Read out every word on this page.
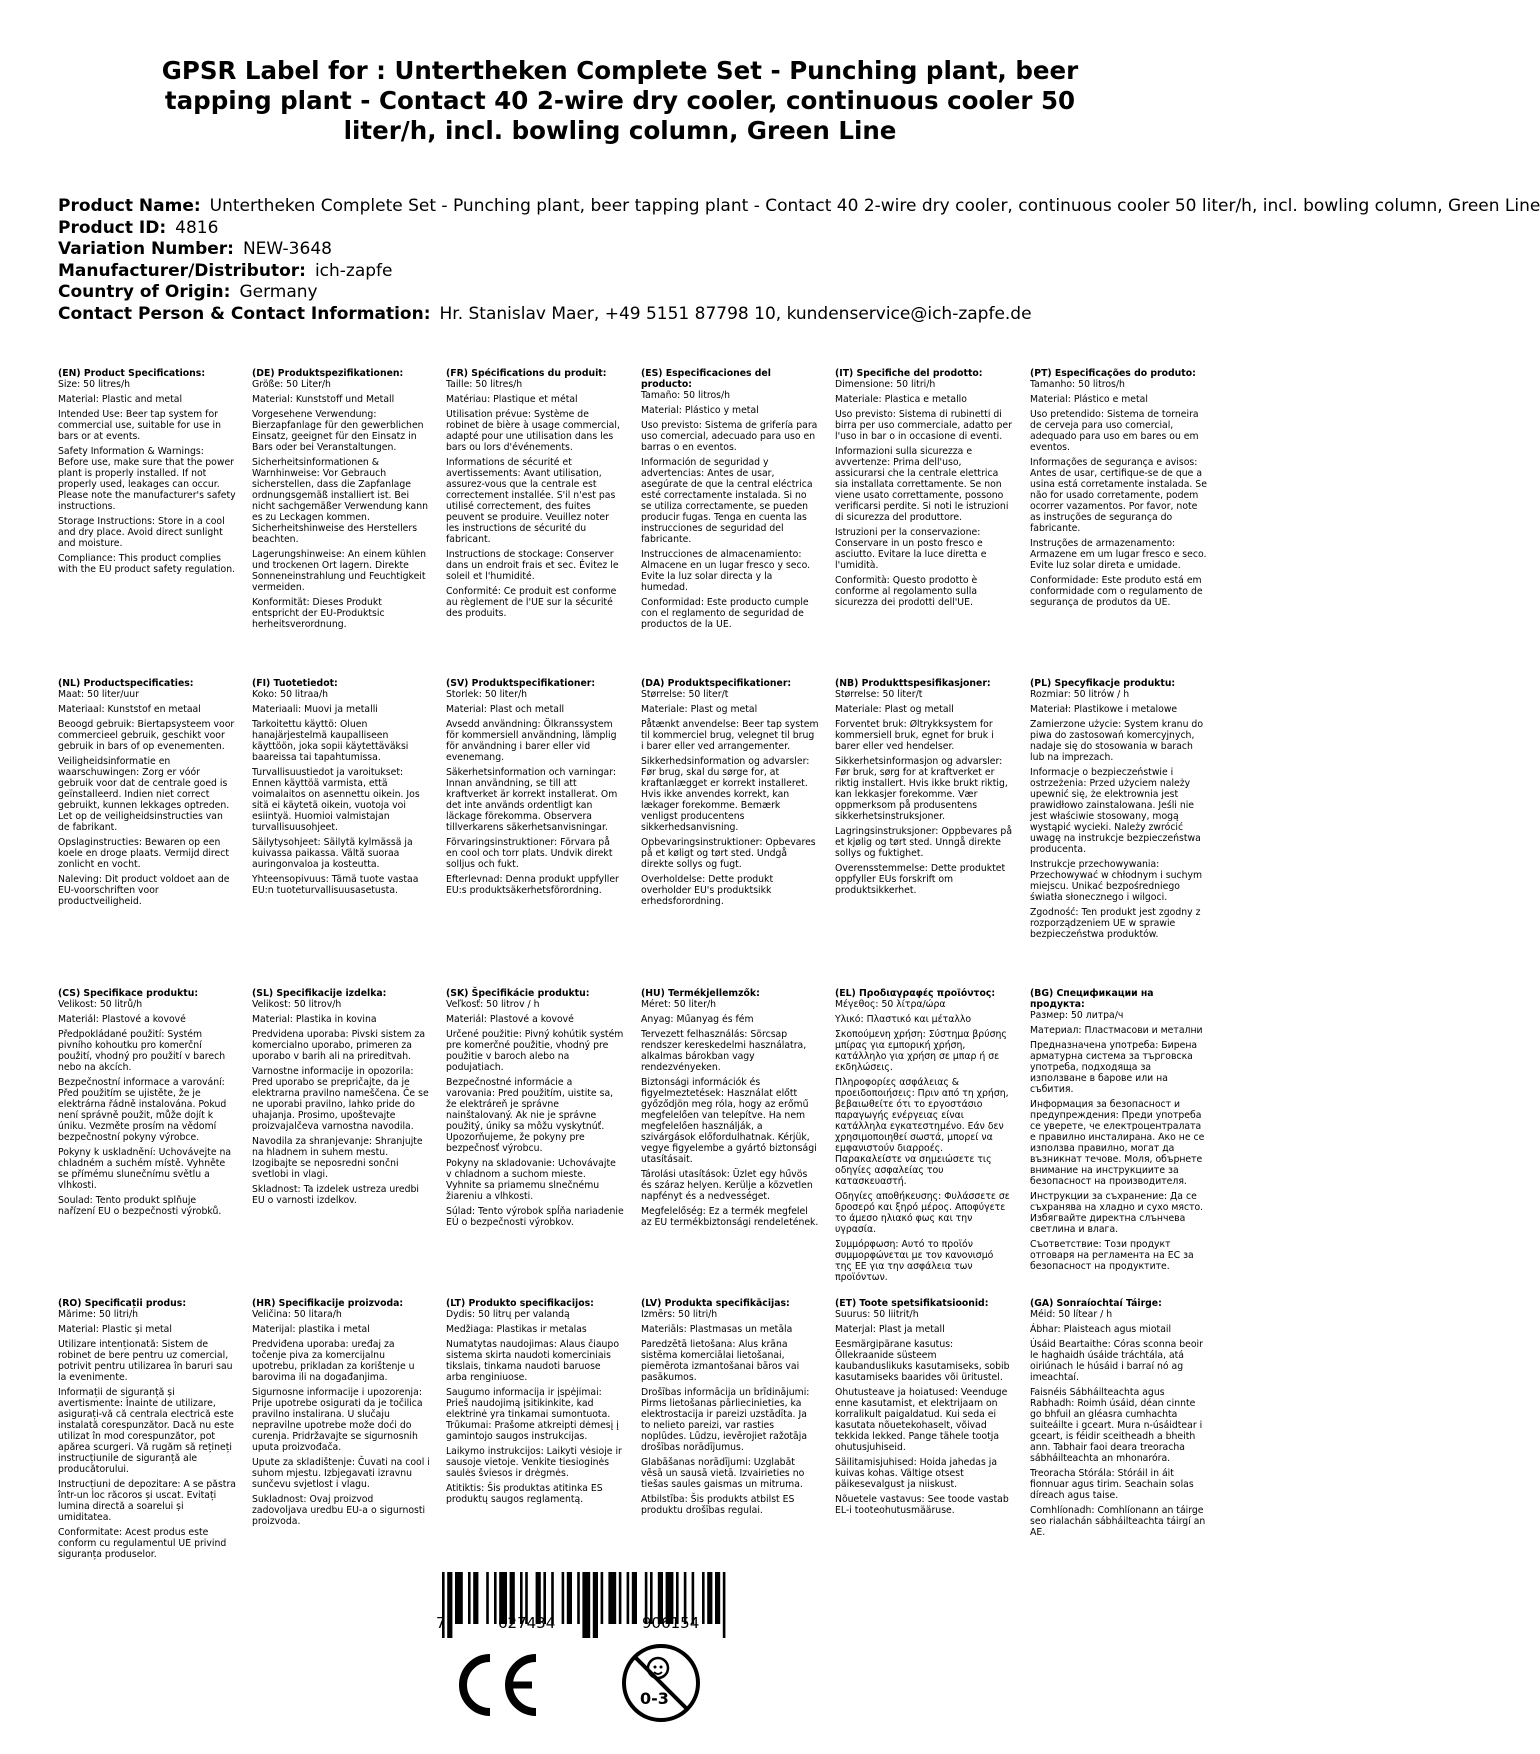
GPSR Label for : Untertheken Complete Set - Punching plant, beer tapping plant - Contact 40 2-wire dry cooler, continuous cooler 50 liter/h, incl. bowling column, Green Line
Product Name: Untertheken Complete Set - Punching plant, beer tapping plant - Contact 40 2-wire dry cooler, continuous cooler 50 liter/h, incl. bowling column, Green Line
Product ID: 4816
Variation Number: NEW-3648
Manufacturer/Distributor: ich-zapfe
Country of Origin: Germany
Contact Person & Contact Information: Hr. Stanislav Maer, +49 5151 87798 10, kundenservice@ich-zapfe.de
(EN) Product Specifications:

Size: 50 litres/h

Material: Plastic and metal

Intended Use: Beer tap system for commercial use, suitable for use in bars or at events.

Safety Information & Warnings: Before use, make sure that the power plant is properly installed. If not properly used, leakages can occur. Please note the manufacturer's safety instructions.

Storage Instructions: Store in a cool and dry place. Avoid direct sunlight and moisture.

Compliance: This product complies with the EU product safety regulation.

(DE) Produktspezifikationen:

Größe: 50 Liter/h

Material: Kunststoff und Metall

Vorgesehene Verwendung: Bierzapfanlage für den gewerblichen Einsatz, geeignet für den Einsatz in Bars oder bei Veranstaltungen.

Sicherheitsinformationen & Warnhinweise: Vor Gebrauch sicherstellen, dass die Zapfanlage ordnungsgemäß installiert ist. Bei nicht sachgemäßer Verwendung kann es zu Leckagen kommen. Sicherheitshinweise des Herstellers beachten.

Lagerungshinweise: An einem kühlen und trockenen Ort lagern. Direkte Sonneneinstrahlung und Feuchtigkeit vermeiden.

Konformität: Dieses Produkt entspricht der EU-Produktsic herheitsverordnung.

(FR) Spécifications du produit:

Taille: 50 litres/h

Matériau: Plastique et métal

Utilisation prévue: Système de robinet de bière à usage commercial, adapté pour une utilisation dans les bars ou lors d'événements.

Informations de sécurité et avertissements: Avant utilisation, assurez-vous que la centrale est correctement installée. S'il n'est pas utilisé correctement, des fuites peuvent se produire. Veuillez noter les instructions de sécurité du fabricant.

Instructions de stockage: Conserver dans un endroit frais et sec. Évitez le soleil et l'humidité.

Conformité: Ce produit est conforme au règlement de l'UE sur la sécurité des produits.

(ES) Especificaciones del producto:

Tamaño: 50 litros/h

Material: Plástico y metal

Uso previsto: Sistema de grifería para uso comercial, adecuado para uso en barras o en eventos.

Información de seguridad y advertencias: Antes de usar, asegúrate de que la central eléctrica esté correctamente instalada. Si no se utiliza correctamente, se pueden producir fugas. Tenga en cuenta las instrucciones de seguridad del fabricante.

Instrucciones de almacenamiento: Almacene en un lugar fresco y seco. Evite la luz solar directa y la humedad.

Conformidad: Este producto cumple con el reglamento de seguridad de productos de la UE.

(IT) Specifiche del prodotto:

Dimensione: 50 litri/h

Materiale: Plastica e metallo

Uso previsto: Sistema di rubinetti di birra per uso commerciale, adatto per l'uso in bar o in occasione di eventi.

Informazioni sulla sicurezza e avvertenze: Prima dell'uso, assicurarsi che la centrale elettrica sia installata correttamente. Se non viene usato correttamente, possono verificarsi perdite. Si noti le istruzioni di sicurezza del produttore.

Istruzioni per la conservazione: Conservare in un posto fresco e asciutto. Evitare la luce diretta e l'umidità.

Conformità: Questo prodotto è conforme al regolamento sulla sicurezza dei prodotti dell'UE.

(PT) Especificações do produto:

Tamanho: 50 litros/h

Material: Plástico e metal

Uso pretendido: Sistema de torneira de cerveja para uso comercial, adequado para uso em bares ou em eventos.

Informações de segurança e avisos: Antes de usar, certifique-se de que a usina está corretamente instalada. Se não for usado corretamente, podem ocorrer vazamentos. Por favor, note as instruções de segurança do fabricante.

Instruções de armazenamento: Armazene em um lugar fresco e seco. Evite luz solar direta e umidade.

Conformidade: Este produto está em conformidade com o regulamento de segurança de produtos da UE.

(NL) Productspecificaties:

Maat: 50 liter/uur

Materiaal: Kunststof en metaal

Beoogd gebruik: Biertapsysteem voor commercieel gebruik, geschikt voor gebruik in bars of op evenementen.

Veiligheidsinformatie en waarschuwingen: Zorg er vóór gebruik voor dat de centrale goed is geïnstalleerd. Indien niet correct gebruikt, kunnen lekkages optreden. Let op de veiligheidsinstructies van de fabrikant.

Opslaginstructies: Bewaren op een koele en droge plaats. Vermijd direct zonlicht en vocht.

Naleving: Dit product voldoet aan de EU-voorschriften voor productveiligheid.

(FI) Tuotetiedot:

Koko: 50 litraa/h

Materiaali: Muovi ja metalli

Tarkoitettu käyttö: Oluen hanajärjestelmä kaupalliseen käyttöön, joka sopii käytettäväksi baareissa tai tapahtumissa.

Turvallisuustiedot ja varoitukset: Ennen käyttöä varmista, että voimalaitos on asennettu oikein. Jos sitä ei käytetä oikein, vuotoja voi esiintyä. Huomioi valmistajan turvallisuusohjeet.

Säilytysohjeet: Säilytä kylmässä ja kuivassa paikassa. Vältä suoraa auringonvaloa ja kosteutta.

Yhteensopivuus: Tämä tuote vastaa EU:n tuoteturvallisuusasetusta.

(SV) Produktspecifikationer:

Storlek: 50 liter/h

Material: Plast och metall

Avsedd användning: Ölkranssystem för kommersiell användning, lämplig för användning i barer eller vid evenemang.

Säkerhetsinformation och varningar: Innan användning, se till att kraftverket är korrekt installerat. Om det inte används ordentligt kan läckage förekomma. Observera tillverkarens säkerhetsanvisningar.

Förvaringsinstruktioner: Förvara på en cool och torr plats. Undvik direkt solljus och fukt.

Efterlevnad: Denna produkt uppfyller EU:s produktsäkerhetsförordning.

(DA) Produktspecifikationer:

Størrelse: 50 liter/t

Materiale: Plast og metal

Påtænkt anvendelse: Beer tap system til kommerciel brug, velegnet til brug i barer eller ved arrangementer.

Sikkerhedsinformation og advarsler: Før brug, skal du sørge for, at kraftanlægget er korrekt installeret. Hvis ikke anvendes korrekt, kan lækager forekomme. Bemærk venligst producentens sikkerhedsanvisning.

Opbevaringsinstruktioner: Opbevares på et køligt og tørt sted. Undgå direkte sollys og fugt.

Overholdelse: Dette produkt overholder EU's produktsikk erhedsforordning.

(NB) Produkttspesifikasjoner:

Størrelse: 50 liter/t

Materiale: Plast og metall

Forventet bruk: Øltrykksystem for kommersiell bruk, egnet for bruk i barer eller ved hendelser.

Sikkerhetsinformasjon og advarsler: Før bruk, sørg for at kraftverket er riktig installert. Hvis ikke brukt riktig, kan lekkasjer forekomme. Vær oppmerksom på produsentens sikkerhetsinstruksjoner.

Lagringsinstruksjoner: Oppbevares på et kjølig og tørt sted. Unngå direkte sollys og fuktighet.

Overensstemmelse: Dette produktet oppfyller EUs forskrift om produktsikkerhet.

(PL) Specyfikacje produktu:

Rozmiar: 50 litrów / h

Materiał: Plastikowe i metalowe

Zamierzone użycie: System kranu do piwa do zastosowań komercyjnych, nadaje się do stosowania w barach lub na imprezach.

Informacje o bezpieczeństwie i ostrzeżenia: Przed użyciem należy upewnić się, że elektrownia jest prawidłowo zainstalowana. Jeśli nie jest właściwie stosowany, mogą wystąpić wycieki. Należy zwrócić uwagę na instrukcje bezpieczeństwa producenta.

Instrukcje przechowywania: Przechowywać w chłodnym i suchym miejscu. Unikać bezpośredniego światła słonecznego i wilgoci.

Zgodność: Ten produkt jest zgodny z rozporządzeniem UE w sprawie bezpieczeństwa produktów.

(CS) Specifikace produktu:

Velikost: 50 litrů/h

Materiál: Plastové a kovové

Předpokládané použití: Systém pivního kohoutku pro komerční použití, vhodný pro použití v barech nebo na akcích.

Bezpečnostní informace a varování: Před použitím se ujistěte, že je elektrárna řádně instalována. Pokud není správně použit, může dojít k úniku. Vezměte prosím na vědomí bezpečnostní pokyny výrobce.

Pokyny k uskladnění: Uchovávejte na chladném a suchém místě. Vyhněte se přímému slunečnímu světlu a vlhkosti.

Soulad: Tento produkt splňuje nařízení EU o bezpečnosti výrobků.

(SL) Specifikacije izdelka:

Velikost: 50 litrov/h

Material: Plastika in kovina

Predvidena uporaba: Pivski sistem za komercialno uporabo, primeren za uporabo v barih ali na prireditvah.

Varnostne informacije in opozorila: Pred uporabo se prepričajte, da je elektrarna pravilno nameščena. Če se ne uporabi pravilno, lahko pride do uhajanja. Prosimo, upoštevajte proizvajalčeva varnostna navodila.

Navodila za shranjevanje: Shranjujte na hladnem in suhem mestu. Izogibajte se neposredni sončni svetlobi in vlagi.

Skladnost: Ta izdelek ustreza uredbi EU o varnosti izdelkov.

(SK) Špecifikácie produktu:

Veľkosť: 50 litrov / h

Materiál: Plastové a kovové

Určené použitie: Pivný kohútik systém pre komerčné použitie, vhodný pre použitie v baroch alebo na podujatiach.

Bezpečnostné informácie a varovania: Pred použitím, uistite sa, že elektráreň je správne nainštalovaný. Ak nie je správne použitý, úniky sa môžu vyskytnúť. Upozorňujeme, že pokyny pre bezpečnosť výrobcu.

Pokyny na skladovanie: Uchovávajte v chladnom a suchom mieste. Vyhnite sa priamemu slnečnému žiareniu a vlhkosti.

Súlad: Tento výrobok spĺňa nariadenie EÚ o bezpečnosti výrobkov.

(HU) Termékjellemzők:

Méret: 50 liter/h

Anyag: Műanyag és fém

Tervezett felhasználás: Sörcsap rendszer kereskedelmi használatra, alkalmas bárokban vagy rendezvényeken.

Biztonsági információk és figyelmeztetések: Használat előtt győződjön meg róla, hogy az erőmű megfelelően van telepítve. Ha nem megfelelően használják, a szivárgások előfordulhatnak. Kérjük, vegye figyelembe a gyártó biztonsági utasításait.

Tárolási utasítások: Üzlet egy hűvös és száraz helyen. Kerülje a közvetlen napfényt és a nedvességet.

Megfelelőség: Ez a termék megfelel az EU termékbiztonsági rendeletének.

(EL) Προδιαγραφές προϊόντος:

Μέγεθος: 50 λίτρα/ώρα

Υλικό: Πλαστικό και μέταλλο

Σκοπούμενη χρήση: Σύστημα βρύσης μπίρας για εμπορική χρήση, κατάλληλο για χρήση σε μπαρ ή σε εκδηλώσεις.

Πληροφορίες ασφάλειας & προειδοποιήσεις: Πριν από τη χρήση, βεβαιωθείτε ότι το εργοστάσιο παραγωγής ενέργειας είναι κατάλληλα εγκατεστημένο. Εάν δεν χρησιμοποιηθεί σωστά, μπορεί να εμφανιστούν διαρροές. Παρακαλείστε να σημειώσετε τις οδηγίες ασφαλείας του κατασκευαστή.

Οδηγίες αποθήκευσης: Φυλάσσετε σε δροσερό και ξηρό μέρος. Αποφύγετε το άμεσο ηλιακό φως και την υγρασία.

Συμμόρφωση: Αυτό το προϊόν συμμορφώνεται με τον κανονισμό της ΕΕ για την ασφάλεια των προϊόντων.

(BG) Спецификации на продукта:

Размер: 50 литра/ч

Материал: Пластмасови и метални

Предназначена употреба: Бирена арматурна система за търговска употреба, подходяща за използване в барове или на събития.

Информация за безопасност и предупреждения: Преди употреба се уверете, че електроцентралата е правилно инсталирана. Ако не се използва правилно, могат да възникнат течове. Моля, обърнете внимание на инструкциите за безопасност на производителя.

Инструкции за съхранение: Да се съхранява на хладно и сухо място. Избягвайте директна слънчева светлина и влага.

Съответствие: Този продукт отговаря на регламента на ЕС за безопасност на продуктите.

(RO) Specificații produs:

Mărime: 50 litri/h

Material: Plastic și metal

Utilizare intenționată: Sistem de robinet de bere pentru uz comercial, potrivit pentru utilizarea în baruri sau la evenimente.

Informații de siguranță și avertismente: Înainte de utilizare, asigurați-vă că centrala electrică este instalată corespunzător. Dacă nu este utilizat în mod corespunzător, pot apărea scurgeri. Vă rugăm să rețineți instrucțiunile de siguranță ale producătorului.

Instrucțiuni de depozitare: A se păstra într-un loc răcoros și uscat. Evitați lumina directă a soarelui și umiditatea.

Conformitate: Acest produs este conform cu regulamentul UE privind siguranța produselor.

(HR) Specifikacije proizvoda:

Veličina: 50 litara/h

Materijal: plastika i metal

Predviđena uporaba: uređaj za točenje piva za komercijalnu upotrebu, prikladan za korištenje u barovima ili na događanjima.

Sigurnosne informacije i upozorenja: Prije upotrebe osigurati da je točilica pravilno instalirana. U slučaju nepravilne upotrebe može doći do curenja. Pridržavajte se sigurnosnih uputa proizvođača.

Upute za skladištenje: Čuvati na cool i suhom mjestu. Izbjegavati izravnu sunčevu svjetlost i vlagu.

Sukladnost: Ovaj proizvod zadovoljava uredbu EU-a o sigurnosti proizvoda.

(LT) Produkto specifikacijos:

Dydis: 50 litrų per valandą

Medžiaga: Plastikas ir metalas

Numatytas naudojimas: Alaus čiaupo sistema skirta naudoti komerciniais tikslais, tinkama naudoti baruose arba renginiuose.

Saugumo informacija ir įspėjimai: Prieš naudojimą įsitikinkite, kad elektrinė yra tinkamai sumontuota. Trūkumai: Prašome atkreipti dėmesį į gamintojo saugos instrukcijas.

Laikymo instrukcijos: Laikyti vėsioje ir sausoje vietoje. Venkite tiesioginės saulės šviesos ir drėgmės.

Atitiktis: Šis produktas atitinka ES produktų saugos reglamentą.

(LV) Produkta specifikācijas:

Izmērs: 50 litri/h

Materiāls: Plastmasas un metāla

Paredzētā lietošana: Alus krāna sistēma komerciālai lietošanai, piemērota izmantošanai bāros vai pasākumos.

Drošības informācija un brīdinājumi: Pirms lietošanas pārliecinieties, ka elektrostacija ir pareizi uzstādīta. Ja to nelieto pareizi, var rasties noplūdes. Lūdzu, ievērojiet ražotāja drošības norādījumus.

Glabāšanas norādījumi: Uzglabāt vēsā un sausā vietā. Izvairieties no tiešas saules gaismas un mitruma.

Atbilstība: Šis produkts atbilst ES produktu drošības regulai.

(ET) Toote spetsifikatsioonid:

Suurus: 50 liitrit/h

Materjal: Plast ja metall

Eesmärgipärane kasutus: Õllekraanide süsteem kaubanduslikuks kasutamiseks, sobib kasutamiseks baarides või üritustel.

Ohutusteave ja hoiatused: Veenduge enne kasutamist, et elektrijaam on korralikult paigaldatud. Kui seda ei kasutata nõuetekohaselt, võivad tekkida lekked. Pange tähele tootja ohutusjuhiseid.

Säilitamisjuhised: Hoida jahedas ja kuivas kohas. Vältige otsest päikesevalgust ja niiskust.

Nõuetele vastavus: See toode vastab EL-i tooteohutusmääruse.

(GA) Sonraíochtaí Táirge:

Méid: 50 lítear / h

Ábhar: Plaisteach agus miotail

Úsáid Beartaithe: Córas sconna beoir le haghaidh úsáide tráchtála, atá oiriúnach le húsáid i barraí nó ag imeachtaí.

Faisnéis Sábháilteachta agus Rabhadh: Roimh úsáid, déan cinnte go bhfuil an gléasra cumhachta suiteáilte i gceart. Mura n-úsáidtear i gceart, is féidir sceitheadh a bheith ann. Tabhair faoi deara treoracha sábháilteachta an mhonaróra.

Treoracha Stórála: Stóráil in áit fionnuar agus tirim. Seachain solas díreach agus taise.

Comhlíonadh: Comhlíonann an táirge seo rialachán sábháilteachta táirgí an AE.

7	627434	906154
0-3
